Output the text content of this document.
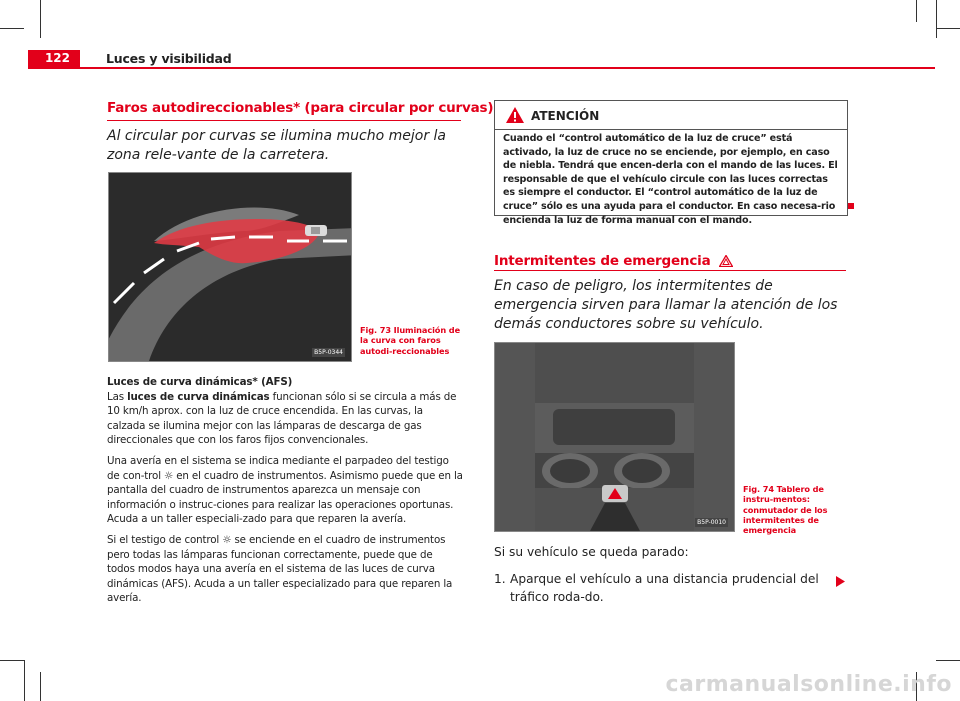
122	Luces y visibilidad
Faros autodireccionables* (para circular por curvas)
Al circular por curvas se ilumina mucho mejor la zona rele-vante de la carretera.
B5P-0344
Fig. 73 Iluminación de la curva con faros autodi-reccionables

Luces de curva dinámicas* (AFS)

Las luces de curva dinámicas funcionan sólo si se circula a más de 10 km/h aprox. con la luz de cruce encendida. En las curvas, la calzada se ilumina mejor con las lámparas de descarga de gas direccionales que con los faros fijos convencionales.

Una avería en el sistema se indica mediante el parpadeo del testigo de con-trol ☼ en el cuadro de instrumentos. Asimismo puede que en la pantalla del cuadro de instrumentos aparezca un mensaje con información o instruc-ciones para realizar las operaciones oportunas. Acuda a un taller especiali-zado para que reparen la avería.

Si el testigo de control ☼ se enciende en el cuadro de instrumentos pero todas las lámparas funcionan correctamente, puede que de todos modos haya una avería en el sistema de las luces de curva dinámicas (AFS). Acuda a un taller especializado para que reparen la avería.

ATENCIÓN
Cuando el “control automático de la luz de cruce” está activado, la luz de cruce no se enciende, por ejemplo, en caso de niebla. Tendrá que encen-derla con el mando de las luces. El responsable de que el vehículo circule con las luces correctas es siempre el conductor. El “control automático de la luz de cruce” sólo es una ayuda para el conductor. En caso necesa-rio encienda la luz de forma manual con el mando.
Intermitentes de emergencia
En caso de peligro, los intermitentes de emergencia sirven para llamar la atención de los demás conductores sobre su vehículo.
B5P-0010
Fig. 74 Tablero de instru-mentos: conmutador de los intermitentes de emergencia
Si su vehículo se queda parado:
1. Aparque el vehículo a una distancia prudencial del tráfico roda-do.
carmanualsonline.info
